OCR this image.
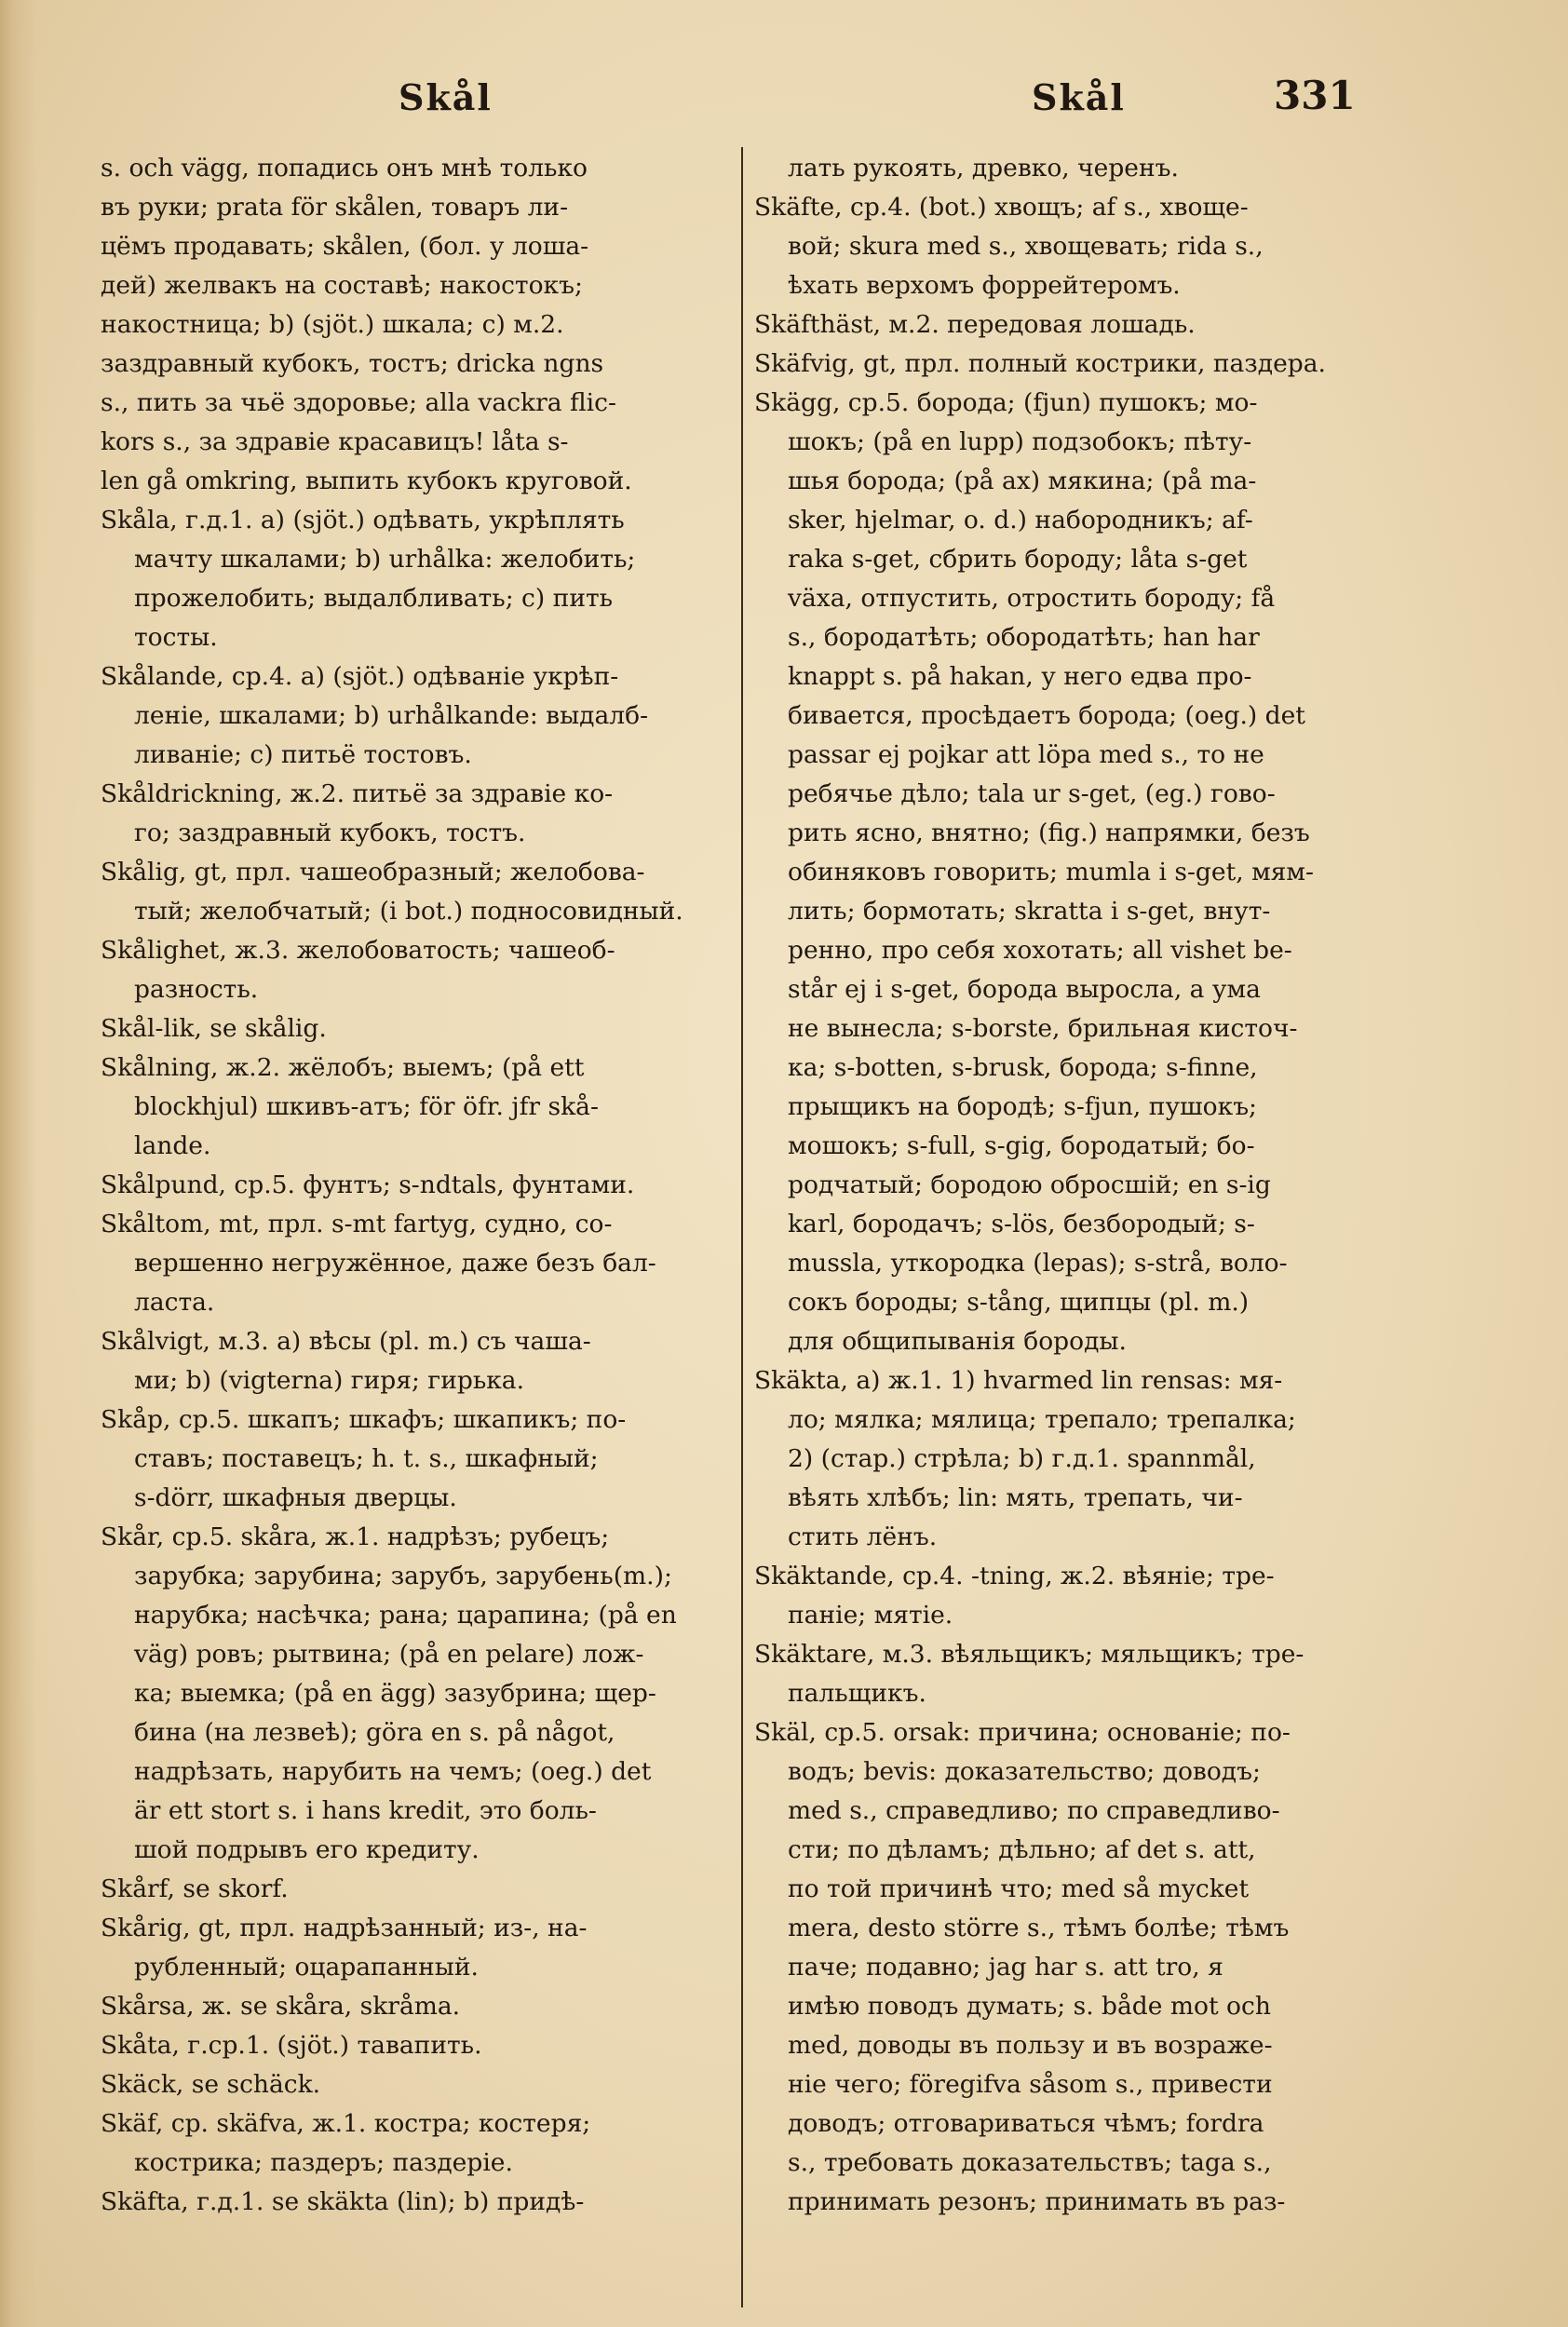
Skål	Skål	331
s. och vägg, попадись онъ мнѣ только
въ руки; prata för skålen, товаръ ли-
цёмъ продавать; skålen, (бол. у лоша-
дей) желвакъ на составѣ; накостокъ;
накостница; b) (sjöt.) шкала; c) м.2.
заздравный кубокъ, тостъ; dricka ngns
s., пить за чьё здоровье; alla vackra flic-
kors s., за здравіе красавицъ! låta s-
len gå omkring, выпить кубокъ круговой.
Skåla, г.д.1. a) (sjöt.) одѣвать, укрѣплять
мачту шкалами; b) urhålka: желобить;
прожелобить; выдалбливать; c) пить
тосты.
Skålande, ср.4. a) (sjöt.) одѣваніе укрѣп-
леніе, шкалами; b) urhålkande: выдалб-
ливаніе; c) питьё тостовъ.
Skåldrickning, ж.2. питьё за здравіе ко-
го; заздравный кубокъ, тостъ.
Skålig, gt, прл. чашеобразный; желобова-
тый; желобчатый; (i bot.) подносовидный.
Skålighet, ж.3. желобоватость; чашеоб-
разность.
Skål-lik, se skålig.
Skålning, ж.2. жёлобъ; выемъ; (på ett
blockhjul) шкивъ-атъ; för öfr. jfr skå-
lande.
Skålpund, ср.5. фунтъ; s-ndtals, фунтами.
Skåltom, mt, прл. s-mt fartyg, судно, со-
вершенно негружённое, даже безъ бал-
ласта.
Skålvigt, м.3. a) вѣсы (pl. m.) съ чаша-
ми; b) (vigterna) гиря; гирька.
Skåp, ср.5. шкапъ; шкафъ; шкапикъ; по-
ставъ; поставецъ; h. t. s., шкафный;
s-dörr, шкафныя дверцы.
Skår, ср.5. skåra, ж.1. надрѣзъ; рубецъ;
зарубка; зарубина; зарубъ, зарубень(m.);
нарубка; насѣчка; рана; царапина; (på en
väg) ровъ; рытвина; (på en pelare) лож-
ка; выемка; (på en ägg) зазубрина; щер-
бина (на лезвеѣ); göra en s. på något,
надрѣзать, нарубить на чемъ; (oeg.) det
är ett stort s. i hans kredit, это боль-
шой подрывъ его кредиту.
Skårf, se skorf.
Skårig, gt, прл. надрѣзанный; из-, на-
рубленный; оцарапанный.
Skårsa, ж. se skåra, skråma.
Skåta, г.ср.1. (sjöt.) тавапить.
Skäck, se schäck.
Skäf, ср. skäfva, ж.1. костра; костеря;
кострика; паздеръ; паздеріе.
Skäfta, г.д.1. se skäkta (lin); b) придѣ-
лать рукоять, древко, черенъ.
Skäfte, ср.4. (bot.) хвощъ; af s., хвоще-
вой; skura med s., хвощевать; rida s.,
ѣхать верхомъ форрейтеромъ.
Skäfthäst, м.2. передовая лошадь.
Skäfvig, gt, прл. полный кострики, паздера.
Skägg, ср.5. борода; (fjun) пушокъ; мо-
шокъ; (på en lupp) подзобокъ; пѣту-
шья борода; (på ax) мякина; (på ma-
sker, hjelmar, o. d.) набородникъ; af-
raka s-get, сбрить бороду; låta s-get
växa, отпустить, отростить бороду; få
s., бородатѣть; обородатѣть; han har
knappt s. på hakan, у него едва про-
бивается, просѣдаетъ борода; (oeg.) det
passar ej pojkar att löpa med s., то не
ребячье дѣло; tala ur s-get, (eg.) гово-
рить ясно, внятно; (fig.) напрямки, безъ
обиняковъ говорить; mumla i s-get, мям-
лить; бормотать; skratta i s-get, внут-
ренно, про себя хохотать; all vishet be-
står ej i s-get, борода выросла, а ума
не вынесла; s-borste, брильная кисточ-
ка; s-botten, s-brusk, борода; s-finne,
прыщикъ на бородѣ; s-fjun, пушокъ;
мошокъ; s-full, s-gig, бородатый; бо-
родчатый; бородою обросшій; en s-ig
karl, бородачъ; s-lös, безбородый; s-
mussla, уткородка (lepas); s-strå, воло-
сокъ бороды; s-tång, щипцы (pl. m.)
для общипыванія бороды.
Skäkta, a) ж.1. 1) hvarmed lin rensas: мя-
ло; мялка; мялица; трепало; трепалка;
2) (стар.) стрѣла; b) г.д.1. spannmål,
вѣять хлѣбъ; lin: мять, трепать, чи-
стить лёнъ.
Skäktande, ср.4. -tning, ж.2. вѣяніе; тре-
паніе; мятіе.
Skäktare, м.3. вѣяльщикъ; мяльщикъ; тре-
пальщикъ.
Skäl, ср.5. orsak: причина; основаніе; по-
водъ; bevis: доказательство; доводъ;
med s., справедливо; по справедливо-
сти; по дѣламъ; дѣльно; af det s. att,
по той причинѣ что; med så mycket
mera, desto större s., тѣмъ болѣе; тѣмъ
паче; подавно; jag har s. att tro, я
имѣю поводъ думать; s. både mot och
med, доводы въ пользу и въ возраже-
ніе чего; föregifva såsom s., привести
доводъ; отговариваться чѣмъ; fordra
s., требовать доказательствъ; taga s.,
принимать резонъ; принимать въ раз-
